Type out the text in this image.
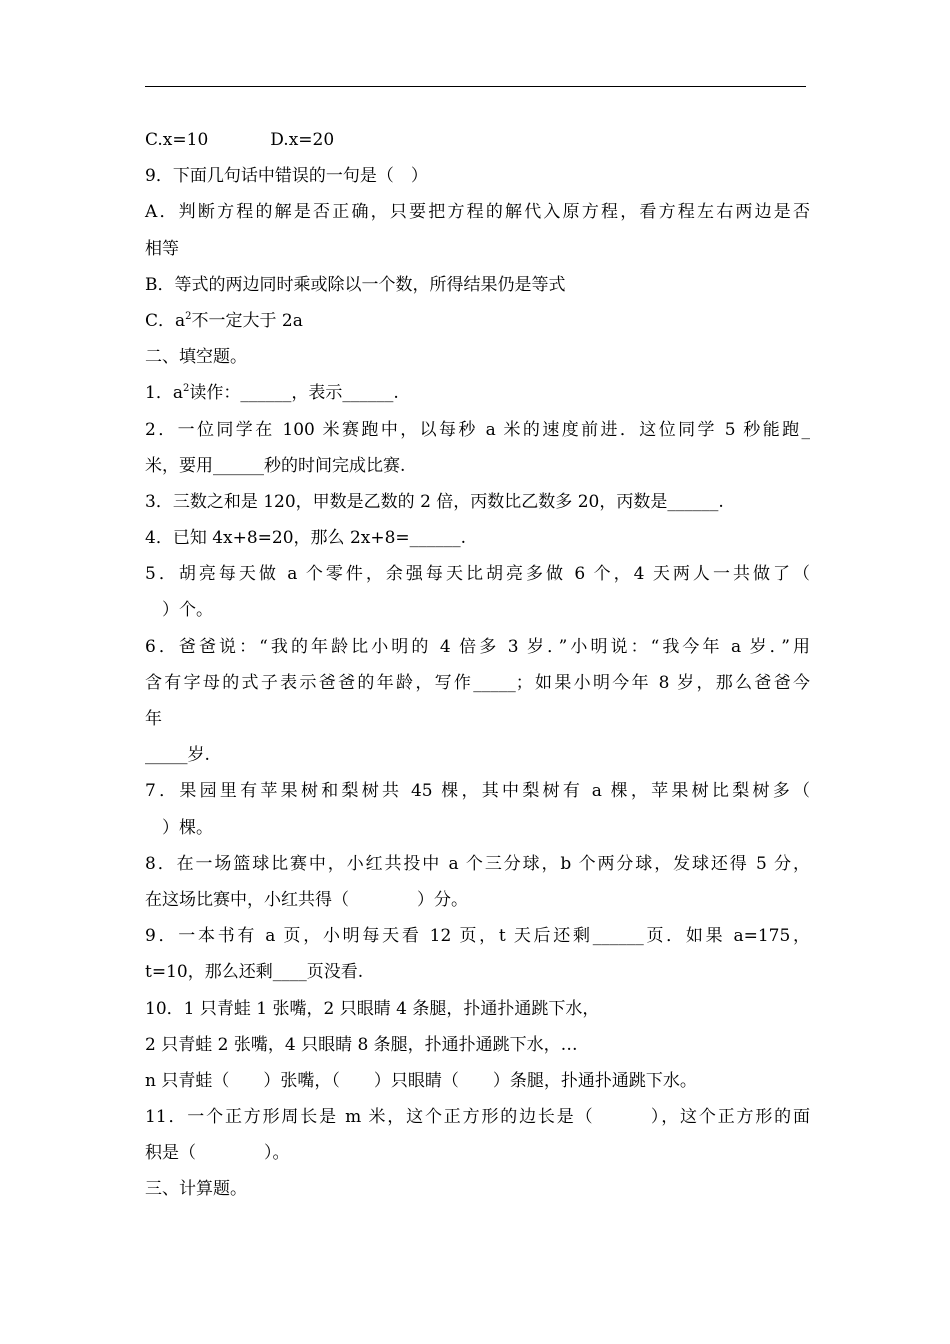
C.x=10	D.x=20
9．下面几句话中错误的一句是（　）
A．判断方程的解是否正确，只要把方程的解代入原方程，看方程左右两边是否
相等
B．等式的两边同时乘或除以一个数，所得结果仍是等式
C．$a^2$不一定大于 2a
二、填空题。
1．$a^2$读作：______，表示______.
2．一位同学在 100 米赛跑中，以每秒 a 米的速度前进．这位同学 5 秒能跑_
米，要用______秒的时间完成比赛.
3．三数之和是 120，甲数是乙数的 2 倍，丙数比乙数多 20，丙数是______.
4．已知 4x+8=20，那么 2x+8=______.
5．胡亮每天做 a 个零件，余强每天比胡亮多做 6 个，4 天两人一共做了（
　）个。
6．爸爸说：“我的年龄比小明的 4 倍多 3 岁．”小明说：“我今年 a 岁．”用
含有字母的式子表示爸爸的年龄，写作_____；如果小明今年 8 岁，那么爸爸今
年
_____岁.
7．果园里有苹果树和梨树共 45 棵，其中梨树有 a 棵，苹果树比梨树多（
　）棵。
8．在一场篮球比赛中，小红共投中 a 个三分球，b 个两分球，发球还得 5 分，
在这场比赛中，小红共得（　　　　）分。
9．一本书有 a 页，小明每天看 12 页，t 天后还剩______页．如果 a=175，
t=10，那么还剩____页没看.
10．1 只青蛙 1 张嘴，2 只眼睛 4 条腿，扑通扑通跳下水，
2 只青蛙 2 张嘴，4 只眼睛 8 条腿，扑通扑通跳下水，…
n 只青蛙（　　）张嘴，（　　）只眼睛（　　）条腿，扑通扑通跳下水。
11．一个正方形周长是 m 米，这个正方形的边长是（　　　），这个正方形的面
积是（　　　　）。
三、计算题。
